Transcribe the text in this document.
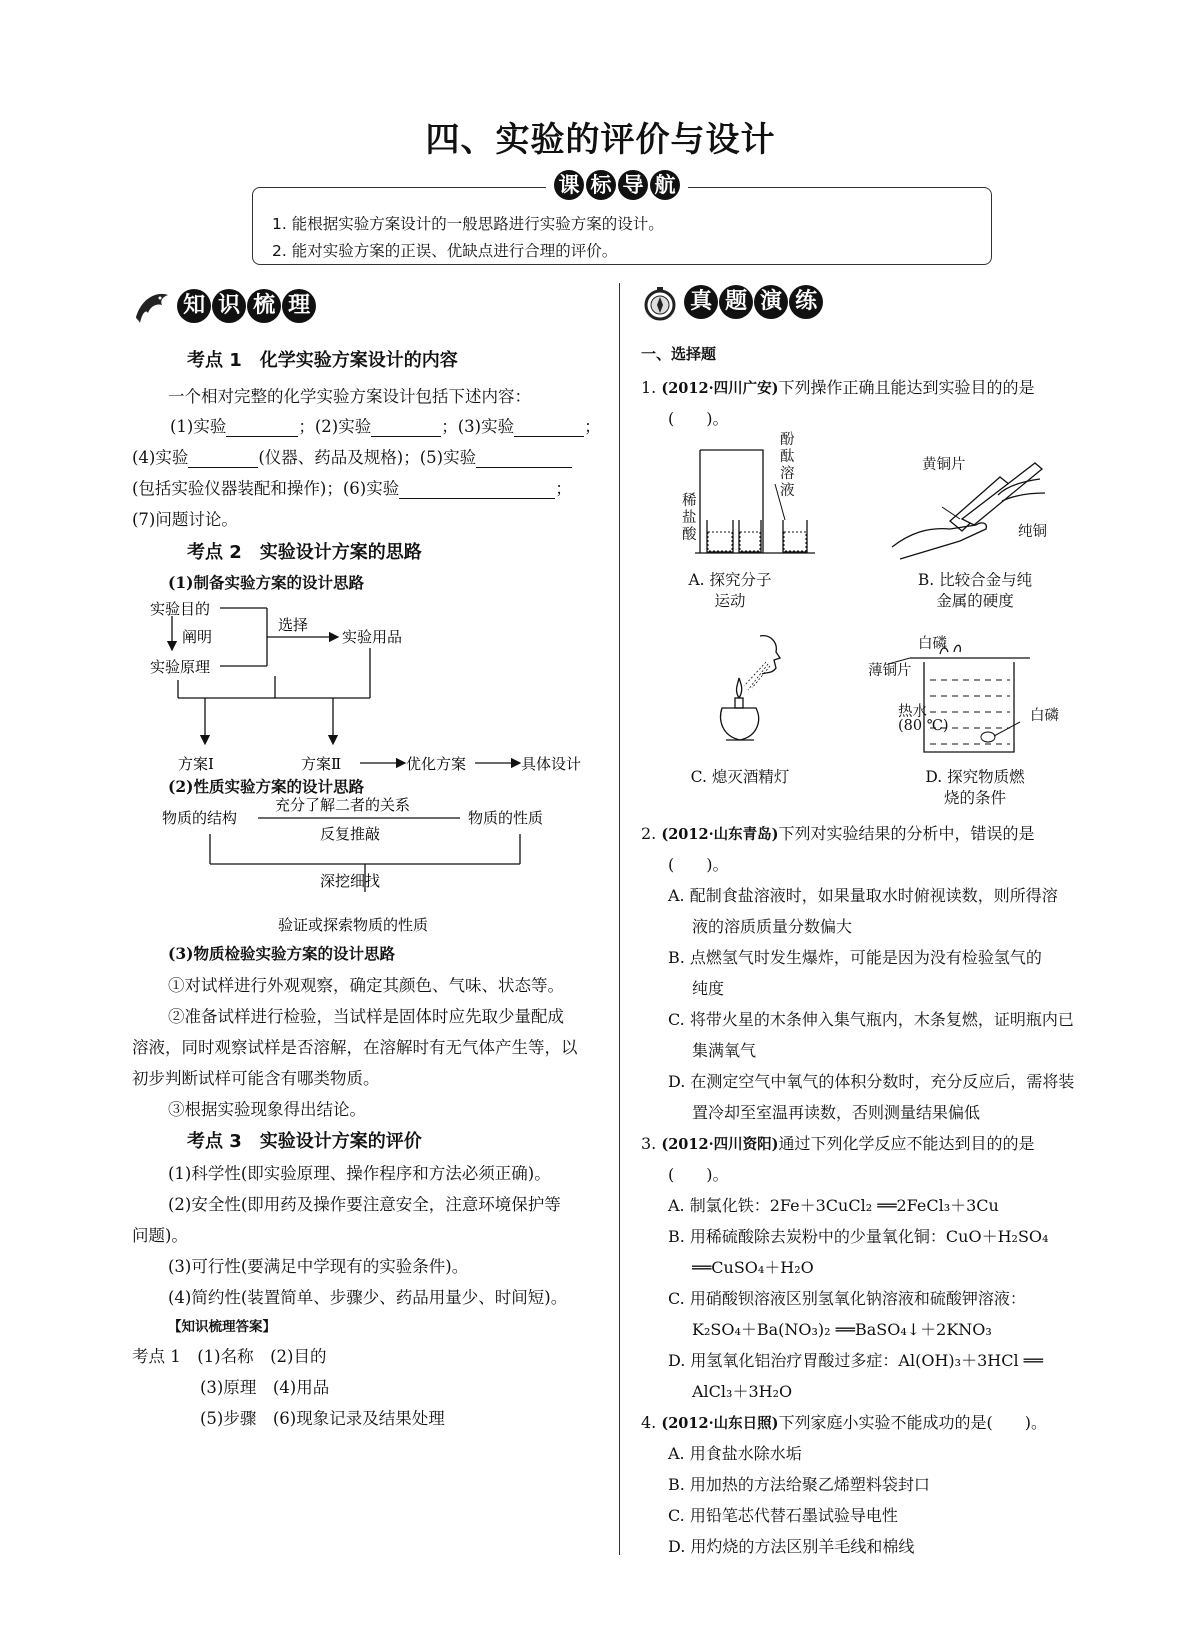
四、实验的评价与设计
课 标 导 航
1. 能根据实验方案设计的一般思路进行实验方案的设计。
2. 能对实验方案的正误、优缺点进行合理的评价。
知 识 梳 理
考点 1　化学实验方案设计的内容
一个相对完整的化学实验方案设计包括下述内容：
(1)实验	；(2)实验	；(3)实验	；
(4)实验	(仪器、药品及规格)；(5)实验
(包括实验仪器装配和操作)；(6)实验	；
(7)问题讨论。
考点 2　实验设计方案的思路
(1)制备实验方案的设计思路
实验目的
阐明
实验原理
选择
实验用品
方案Ⅰ	方案Ⅱ	优化方案	具体设计
(2)性质实验方案的设计思路
物质的结构
充分了解二者的关系
反复推敲
物质的性质
深挖细找
验证或探索物质的性质
(3)物质检验实验方案的设计思路
①对试样进行外观观察，确定其颜色、气味、状态等。
②准备试样进行检验，当试样是固体时应先取少量配成
溶液，同时观察试样是否溶解，在溶解时有无气体产生等，以
初步判断试样可能含有哪类物质。
③根据实验现象得出结论。
考点 3　实验设计方案的评价
(1)科学性(即实验原理、操作程序和方法必须正确)。
(2)安全性(即用药及操作要注意安全，注意环境保护等
问题)。
(3)可行性(要满足中学现有的实验条件)。
(4)简约性(装置简单、步骤少、药品用量少、时间短)。
【知识梳理答案】
考点 1　(1)名称　(2)目的
(3)原理　(4)用品
(5)步骤　(6)现象记录及结果处理
真 题 演 练
一、选择题
1. (2012·四川广安)下列操作正确且能达到实验目的的是
(　　)。
稀盐酸
酚酞溶液
A. 探究分子
运动
黄铜片
纯铜
B. 比较合金与纯
金属的硬度
C. 熄灭酒精灯
白磷
薄铜片
热水
(80 ℃)
白磷
D. 探究物质燃
烧的条件
2. (2012·山东青岛)下列对实验结果的分析中，错误的是
(　　)。
A. 配制食盐溶液时，如果量取水时俯视读数，则所得溶
液的溶质质量分数偏大
B. 点燃氢气时发生爆炸，可能是因为没有检验氢气的
纯度
C. 将带火星的木条伸入集气瓶内，木条复燃，证明瓶内已
集满氧气
D. 在测定空气中氧气的体积分数时，充分反应后，需将装
置冷却至室温再读数，否则测量结果偏低
3. (2012·四川资阳)通过下列化学反应不能达到目的的是
(　　)。
A. 制氯化铁：2Fe＋3CuCl₂ ══2FeCl₃＋3Cu
B. 用稀硫酸除去炭粉中的少量氧化铜：CuO＋H₂SO₄
══CuSO₄＋H₂O
C. 用硝酸钡溶液区别氢氧化钠溶液和硫酸钾溶液：
K₂SO₄＋Ba(NO₃)₂ ══BaSO₄↓＋2KNO₃
D. 用氢氧化铝治疗胃酸过多症：Al(OH)₃＋3HCl ══
AlCl₃＋3H₂O
4. (2012·山东日照)下列家庭小实验不能成功的是(　　)。
A. 用食盐水除水垢
B. 用加热的方法给聚乙烯塑料袋封口
C. 用铅笔芯代替石墨试验导电性
D. 用灼烧的方法区别羊毛线和棉线
